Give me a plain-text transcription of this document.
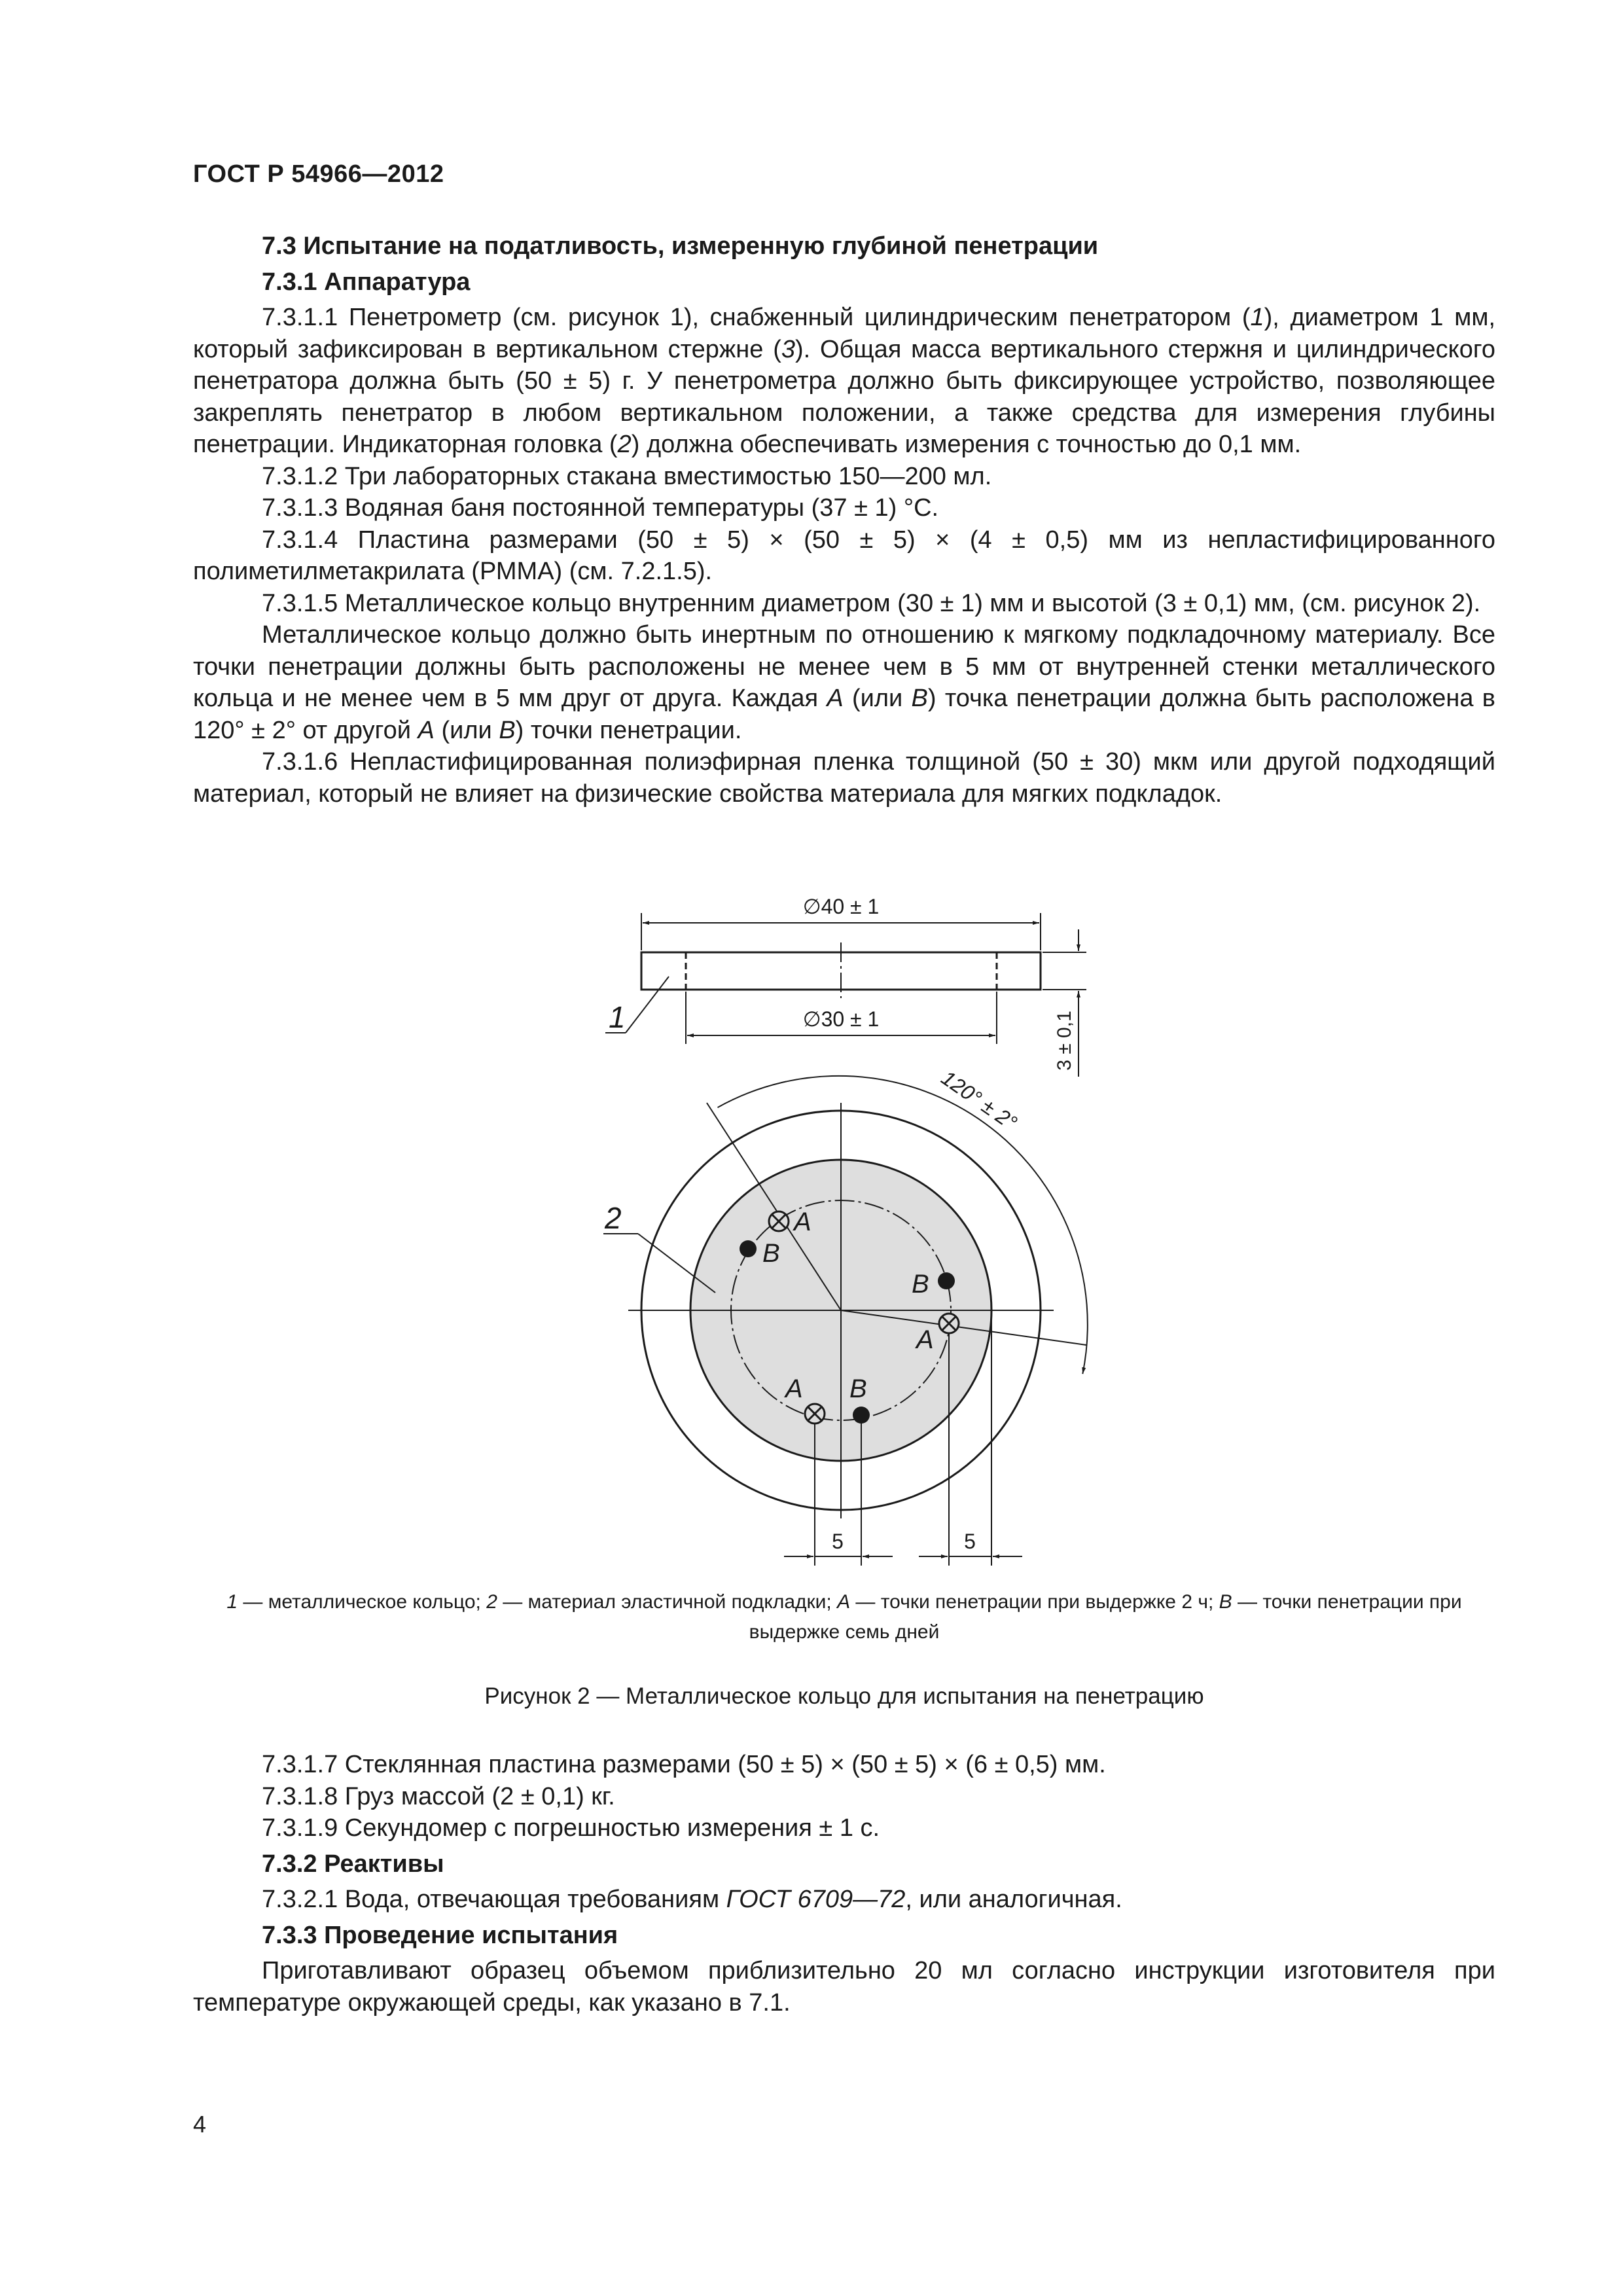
ГОСТ Р 54966—2012

7.3 Испытание на податливость, измеренную глубиной пенетрации

7.3.1 Аппаратура

7.3.1.1 Пенетрометр (см. рисунок 1), снабженный цилиндрическим пенетратором (1), диаметром 1 мм, который зафиксирован в вертикальном стержне (3). Общая масса вертикального стержня и цилиндрического пенетратора должна быть (50 ± 5) г. У пенетрометра должно быть фиксирующее устройство, позволяющее закреплять пенетратор в любом вертикальном положении, а также средства для измерения глубины пенетрации. Индикаторная головка (2) должна обеспечивать измерения с точностью до 0,1 мм.

7.3.1.2 Три лабораторных стакана вместимостью 150—200 мл.

7.3.1.3 Водяная баня постоянной температуры (37 ± 1) °С.

7.3.1.4 Пластина размерами (50 ± 5) × (50 ± 5) × (4 ± 0,5) мм из непластифицированного полиметилметакрилата (РММА) (см. 7.2.1.5).

7.3.1.5 Металлическое кольцо внутренним диаметром (30 ± 1) мм и высотой (3 ± 0,1) мм, (см. рисунок 2).

Металлическое кольцо должно быть инертным по отношению к мягкому подкладочному материалу. Все точки пенетрации должны быть расположены не менее чем в 5 мм от внутренней стенки металлического кольца и не менее чем в 5 мм друг от друга. Каждая А (или В) точка пенетрации должна быть расположена в 120° ± 2° от другой А (или В) точки пенетрации.

7.3.1.6 Непластифицированная полиэфирная пленка толщиной (50 ± 30) мкм или другой подходящий материал, который не влияет на физические свойства материала для мягких подкладок.

∅40 ± 1
∅30 ± 1	3 ± 0,1
120° ± 2°
1
2	A
B
B
A
A B
5	5
1 — металлическое кольцо; 2 — материал эластичной подкладки; А — точки пенетрации при выдержке 2 ч; В — точки пенетрации при выдержке семь дней
Рисунок 2 — Металлическое кольцо для испытания на пенетрацию

7.3.1.7 Стеклянная пластина размерами (50 ± 5) × (50 ± 5) × (6 ± 0,5) мм.

7.3.1.8 Груз массой (2 ± 0,1) кг.

7.3.1.9 Секундомер с погрешностью измерения ± 1 с.

7.3.2 Реактивы

7.3.2.1 Вода, отвечающая требованиям ГОСТ 6709—72, или аналогичная.

7.3.3 Проведение испытания

Приготавливают образец объемом приблизительно 20 мл согласно инструкции изготовителя при температуре окружающей среды, как указано в 7.1.

4
